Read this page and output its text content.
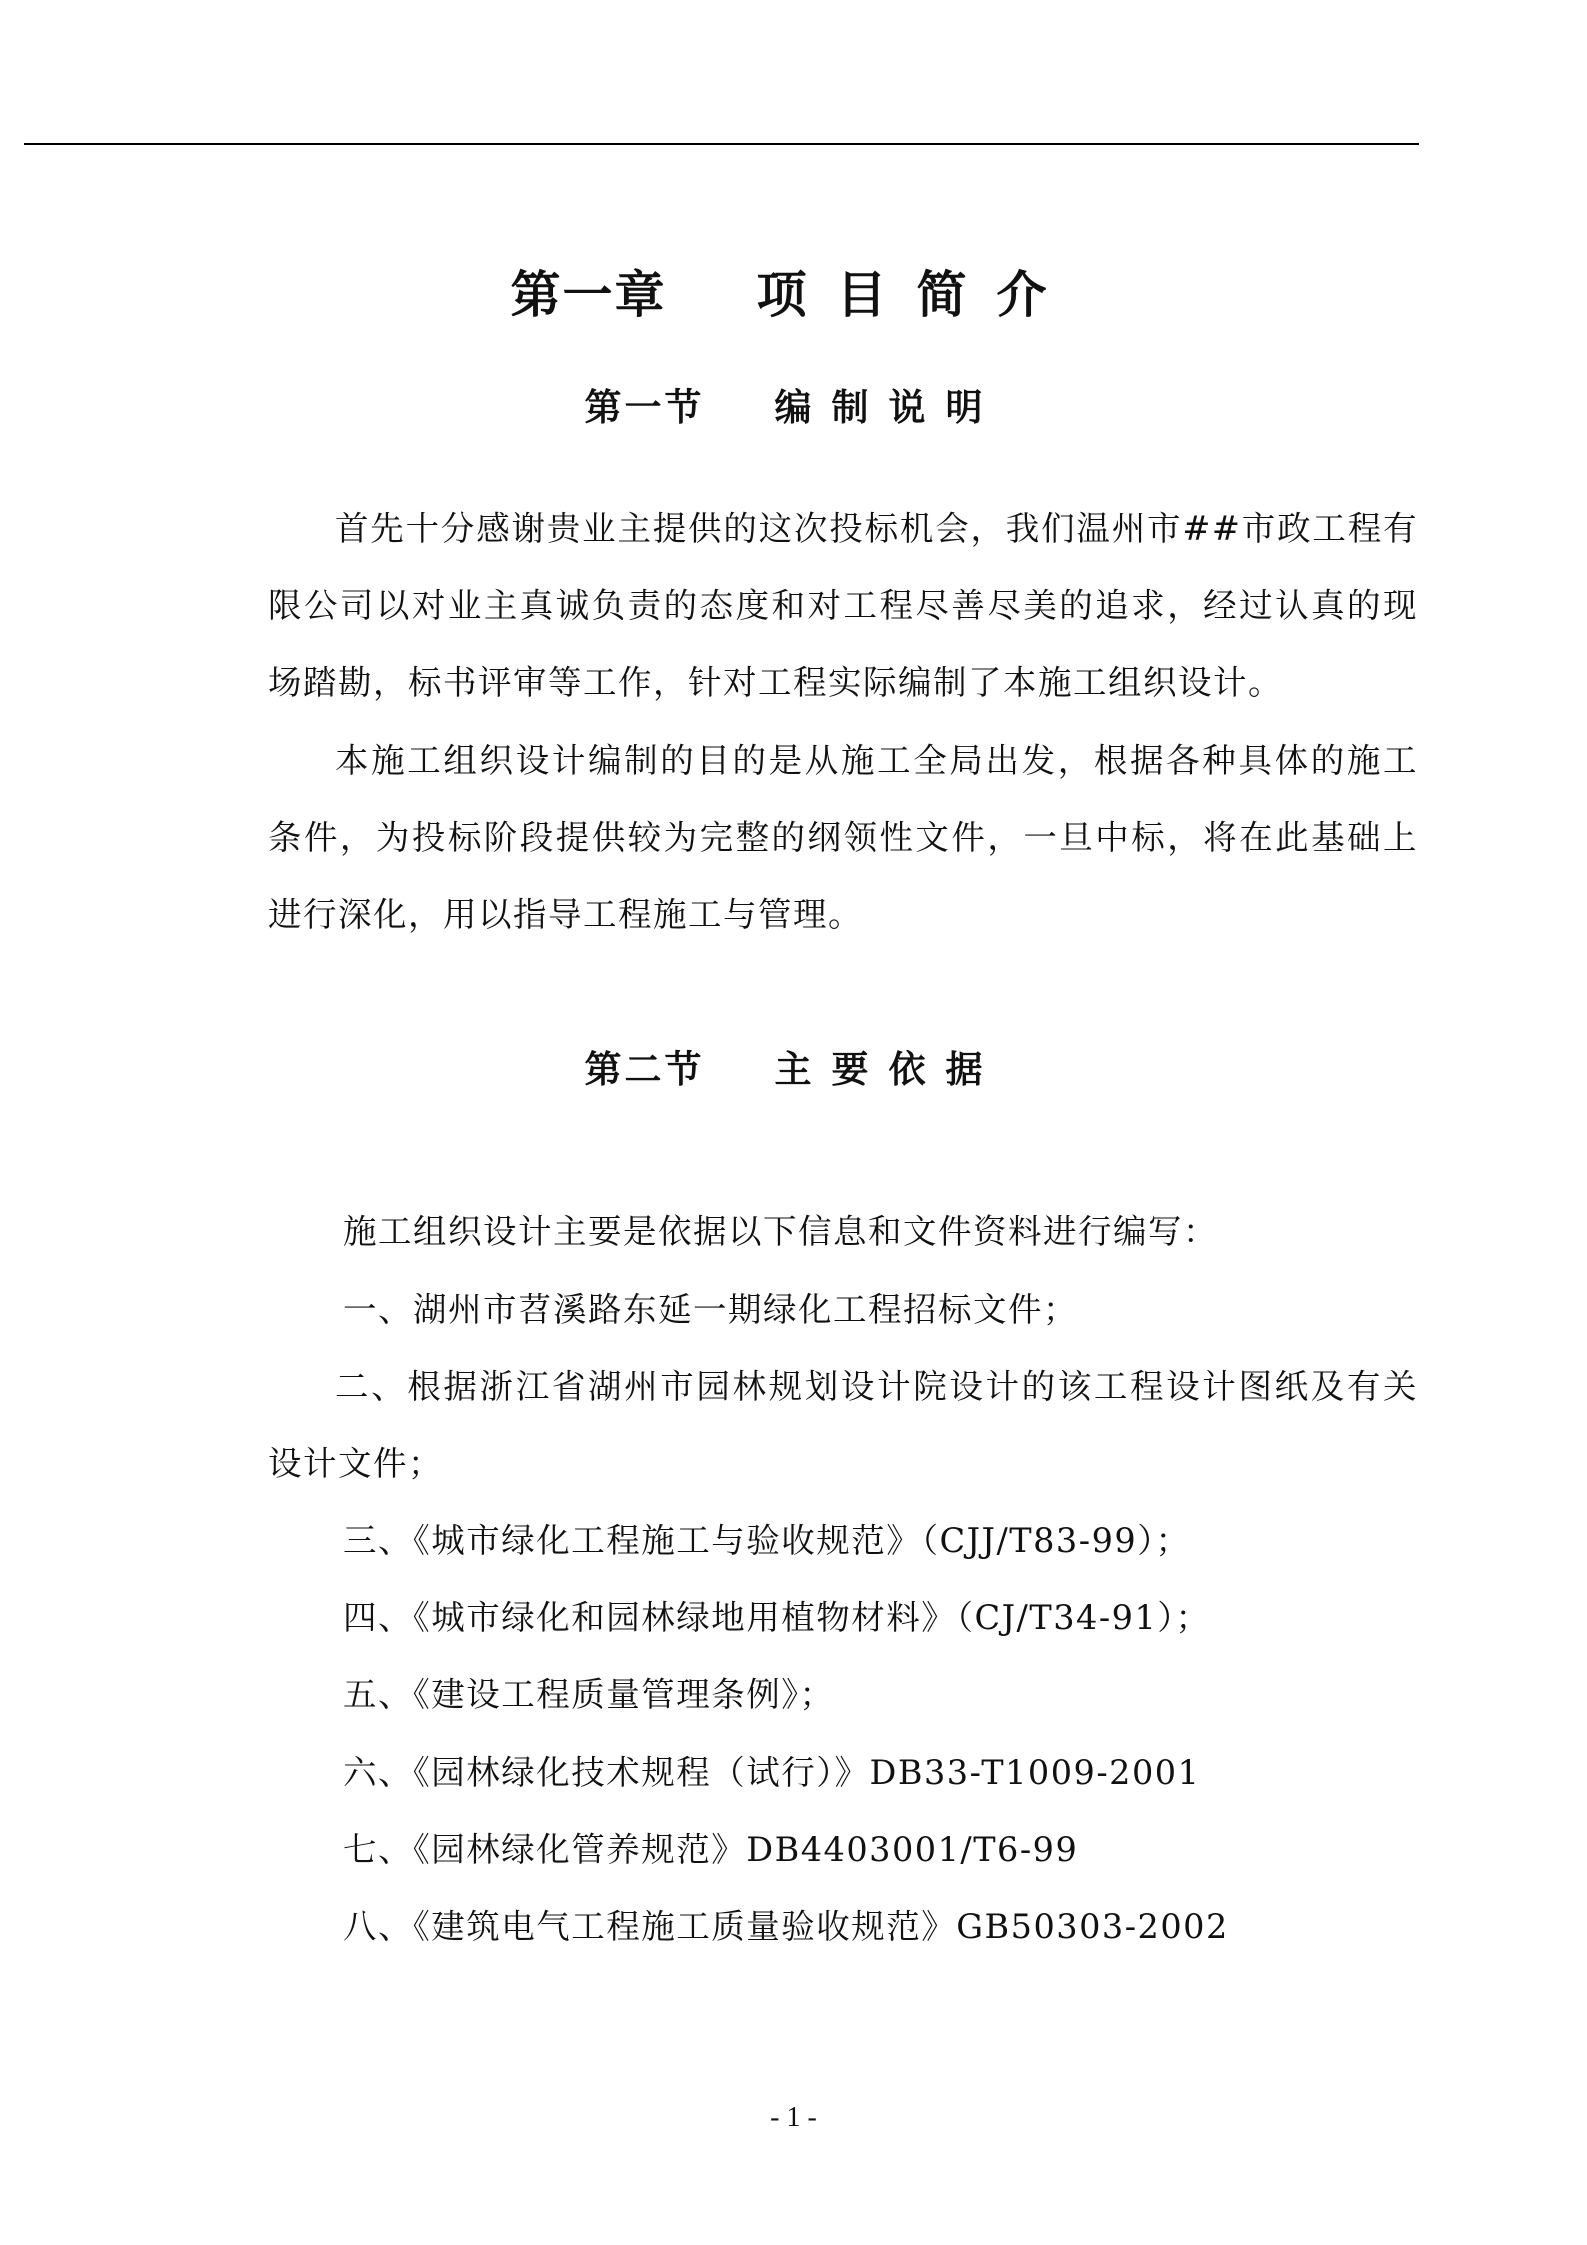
第一章 项目简介
第一节 编制说明

首先十分感谢贵业主提供的这次投标机会，我们温州市##市政工程有限公司以对业主真诚负责的态度和对工程尽善尽美的追求，经过认真的现场踏勘，标书评审等工作，针对工程实际编制了本施工组织设计。

本施工组织设计编制的目的是从施工全局出发，根据各种具体的施工条件，为投标阶段提供较为完整的纲领性文件，一旦中标，将在此基础上进行深化，用以指导工程施工与管理。

第二节 主要依据
施工组织设计主要是依据以下信息和文件资料进行编写：
一、湖州市苕溪路东延一期绿化工程招标文件；

二、根据浙江省湖州市园林规划设计院设计的该工程设计图纸及有关设计文件；

三、《城市绿化工程施工与验收规范》（CJJ/T83-99）；
四、《城市绿化和园林绿地用植物材料》（CJ/T34-91）；
五、《建设工程质量管理条例》；
六、《园林绿化技术规程（试行）》DB33-T1009-2001
七、《园林绿化管养规范》DB4403001/T6-99
八、《建筑电气工程施工质量验收规范》GB50303-2002
- 1 -
